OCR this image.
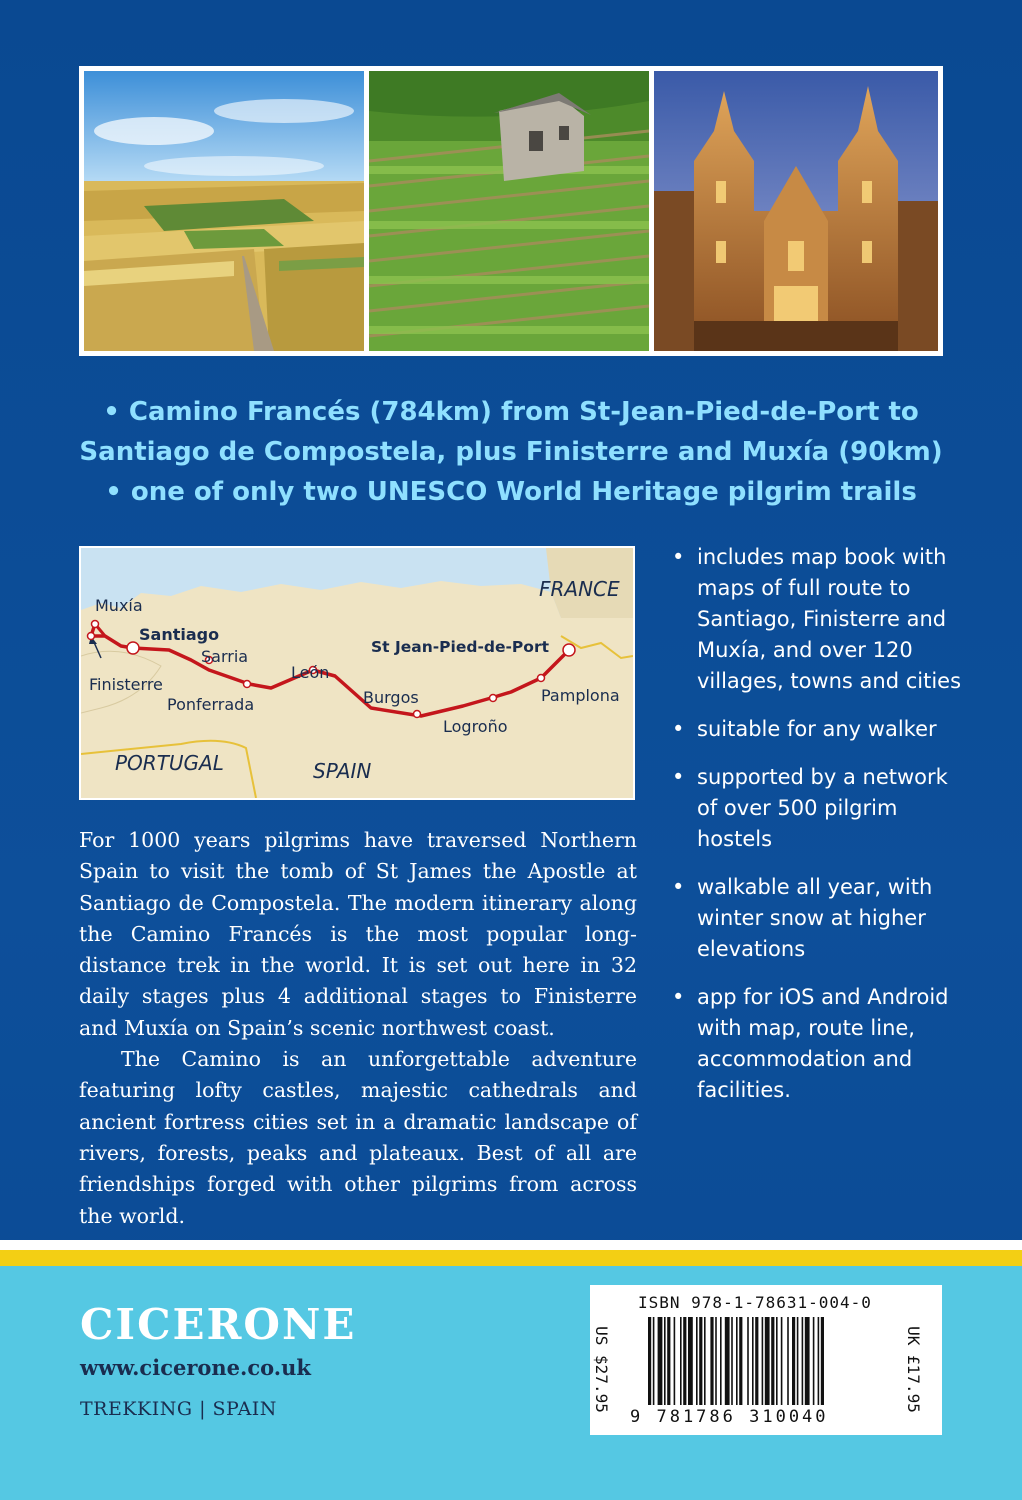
• Camino Francés (784km) from St-Jean-Pied-de-Port to
Santiago de Compostela, plus Finisterre and Muxía (90km)
• one of only two UNESCO World Heritage pilgrim trails
FRANCE
Muxía
Santiago
Sarria
León
St Jean-Pied-de-Port
Finisterre
Ponferrada	Burgos	Pamplona
Logroño
PORTUGAL	SPAIN
• includes map book with maps of full route to Santiago, Finisterre and Muxía, and over 120 villages, towns and cities
• suitable for any walker
• supported by a network of over 500 pilgrim hostels
• walkable all year, with winter snow at higher elevations
• app for iOS and Android with map, route line, accommodation and facilities.

For 1000 years pilgrims have traversed Northern Spain to visit the tomb of St James the Apostle at Santiago de Compostela. The modern itinerary along the Camino Francés is the most popular long-distance trek in the world. It is set out here in 32 daily stages plus 4 additional stages to Finisterre and Muxía on Spain’s scenic northwest coast.

The Camino is an unforgettable adventure featuring lofty castles, majestic cathedrals and ancient fortress cities set in a dramatic landscape of rivers, forests, peaks and plateaux. Best of all are friendships forged with other pilgrims from across the world.

CICERONE
www.cicerone.co.uk
TREKKING | SPAIN
ISBN 978-1-78631-004-0
9 781786 310040
US $27.95	UK £17.95
